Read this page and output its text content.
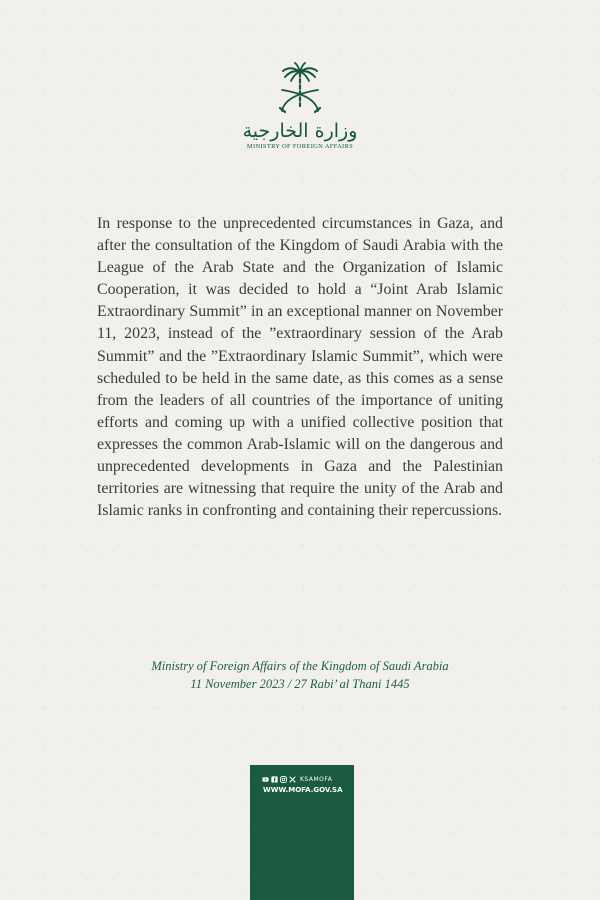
وزارة الخارجية
MINISTRY OF FOREIGN AFFAIRS

In response to the unprecedented circumstances in Gaza, and after the consultation of the Kingdom of Saudi Arabia with the League of the Arab State and the Organization of Islamic Cooperation, it was decided to hold a “Joint Arab Islamic Extraordinary Summit” in an exceptional manner on November 11, 2023, instead of the ”extraordinary session of the Arab Summit” and the ”Extraordinary Islamic Summit”, which were scheduled to be held in the same date, as this comes as a sense from the leaders of all countries of the importance of uniting efforts and coming up with a unified collective position that expresses the common Arab-Islamic will on the dangerous and unprecedented developments in Gaza and the Palestinian territories are witnessing that require the unity of the Arab and Islamic ranks in confronting and containing their repercussions.

Ministry of Foreign Affairs of the Kingdom of Saudi Arabia
11 November 2023 / 27 Rabi’ al Thani 1445
KSAMOFA
WWW.MOFA.GOV.SA
